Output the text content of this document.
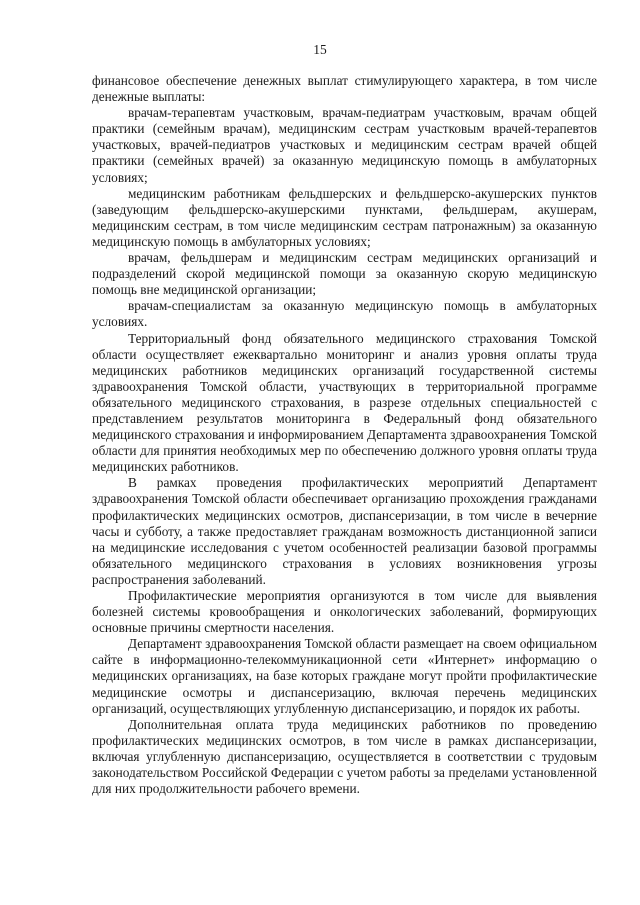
15

финансовое обеспечение денежных выплат стимулирующего характера, в том числе денежные выплаты:

врачам-терапевтам участковым, врачам-педиатрам участковым, врачам общей практики (семейным врачам), медицинским сестрам участковым врачей-терапевтов участковых, врачей-педиатров участковых и медицинским сестрам врачей общей практики (семейных врачей) за оказанную медицинскую помощь в амбулаторных условиях;

медицинским работникам фельдшерских и фельдшерско-акушерских пунктов (заведующим фельдшерско-акушерскими пунктами, фельдшерам, акушерам, медицинским сестрам, в том числе медицинским сестрам патронажным) за оказанную медицинскую помощь в амбулаторных условиях;

врачам, фельдшерам и медицинским сестрам медицинских организаций и подразделений скорой медицинской помощи за оказанную скорую медицинскую помощь вне медицинской организации;

врачам-специалистам за оказанную медицинскую помощь в амбулаторных условиях.

Территориальный фонд обязательного медицинского страхования Томской области осуществляет ежеквартально мониторинг и анализ уровня оплаты труда медицинских работников медицинских организаций государственной системы здравоохранения Томской области, участвующих в территориальной программе обязательного медицинского страхования, в разрезе отдельных специальностей с представлением результатов мониторинга в Федеральный фонд обязательного медицинского страхования и информированием Департамента здравоохранения Томской области для принятия необходимых мер по обеспечению должного уровня оплаты труда медицинских работников.

В рамках проведения профилактических мероприятий Департамент здравоохранения Томской области обеспечивает организацию прохождения гражданами профилактических медицинских осмотров, диспансеризации, в том числе в вечерние часы и субботу, а также предоставляет гражданам возможность дистанционной записи на медицинские исследования с учетом особенностей реализации базовой программы обязательного медицинского страхования в условиях возникновения угрозы распространения заболеваний.

Профилактические мероприятия организуются в том числе для выявления болезней системы кровообращения и онкологических заболеваний, формирующих основные причины смертности населения.

Департамент здравоохранения Томской области размещает на своем официальном сайте в информационно-телекоммуникационной сети «Интернет» информацию о медицинских организациях, на базе которых граждане могут пройти профилактические медицинские осмотры и диспансеризацию, включая перечень медицинских организаций, осуществляющих углубленную диспансеризацию, и порядок их работы.

Дополнительная оплата труда медицинских работников по проведению профилактических медицинских осмотров, в том числе в рамках диспансеризации, включая углубленную диспансеризацию, осуществляется в соответствии с трудовым законодательством Российской Федерации с учетом работы за пределами установленной для них продолжительности рабочего времени.
